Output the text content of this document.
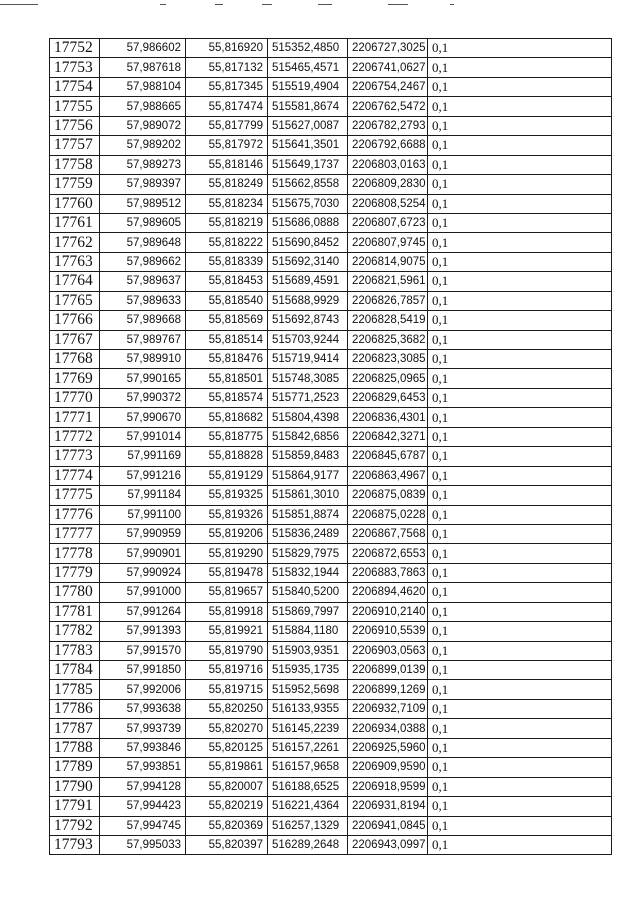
17752	57,986602	55,816920	515352,4850	2206727,3025	0,1
17753	57,987618	55,817132	515465,4571	2206741,0627	0,1
17754	57,988104	55,817345	515519,4904	2206754,2467	0,1
17755	57,988665	55,817474	515581,8674	2206762,5472	0,1
17756	57,989072	55,817799	515627,0087	2206782,2793	0,1
17757	57,989202	55,817972	515641,3501	2206792,6688	0,1
17758	57,989273	55,818146	515649,1737	2206803,0163	0,1
17759	57,989397	55,818249	515662,8558	2206809,2830	0,1
17760	57,989512	55,818234	515675,7030	2206808,5254	0,1
17761	57,989605	55,818219	515686,0888	2206807,6723	0,1
17762	57,989648	55,818222	515690,8452	2206807,9745	0,1
17763	57,989662	55,818339	515692,3140	2206814,9075	0,1
17764	57,989637	55,818453	515689,4591	2206821,5961	0,1
17765	57,989633	55,818540	515688,9929	2206826,7857	0,1
17766	57,989668	55,818569	515692,8743	2206828,5419	0,1
17767	57,989767	55,818514	515703,9244	2206825,3682	0,1
17768	57,989910	55,818476	515719,9414	2206823,3085	0,1
17769	57,990165	55,818501	515748,3085	2206825,0965	0,1
17770	57,990372	55,818574	515771,2523	2206829,6453	0,1
17771	57,990670	55,818682	515804,4398	2206836,4301	0,1
17772	57,991014	55,818775	515842,6856	2206842,3271	0,1
17773	57,991169	55,818828	515859,8483	2206845,6787	0,1
17774	57,991216	55,819129	515864,9177	2206863,4967	0,1
17775	57,991184	55,819325	515861,3010	2206875,0839	0,1
17776	57,991100	55,819326	515851,8874	2206875,0228	0,1
17777	57,990959	55,819206	515836,2489	2206867,7568	0,1
17778	57,990901	55,819290	515829,7975	2206872,6553	0,1
17779	57,990924	55,819478	515832,1944	2206883,7863	0,1
17780	57,991000	55,819657	515840,5200	2206894,4620	0,1
17781	57,991264	55,819918	515869,7997	2206910,2140	0,1
17782	57,991393	55,819921	515884,1180	2206910,5539	0,1
17783	57,991570	55,819790	515903,9351	2206903,0563	0,1
17784	57,991850	55,819716	515935,1735	2206899,0139	0,1
17785	57,992006	55,819715	515952,5698	2206899,1269	0,1
17786	57,993638	55,820250	516133,9355	2206932,7109	0,1
17787	57,993739	55,820270	516145,2239	2206934,0388	0,1
17788	57,993846	55,820125	516157,2261	2206925,5960	0,1
17789	57,993851	55,819861	516157,9658	2206909,9590	0,1
17790	57,994128	55,820007	516188,6525	2206918,9599	0,1
17791	57,994423	55,820219	516221,4364	2206931,8194	0,1
17792	57,994745	55,820369	516257,1329	2206941,0845	0,1
17793	57,995033	55,820397	516289,2648	2206943,0997	0,1
